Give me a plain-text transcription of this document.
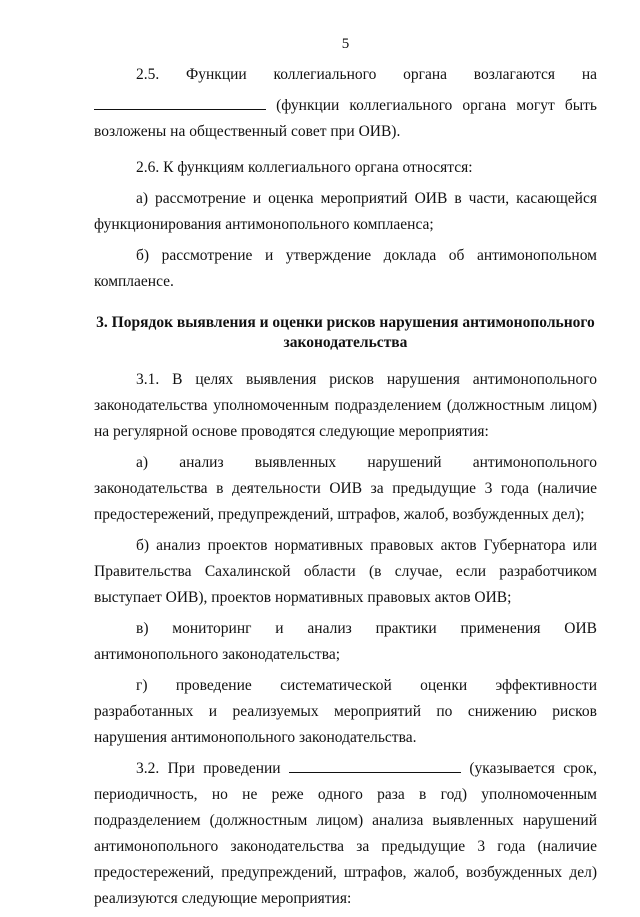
5

2.5. Функции коллегиального органа возлагаются на

(функции коллегиального органа могут быть возложены на общественный совет при ОИВ).

2.6. К функциям коллегиального органа относятся:

а) рассмотрение и оценка мероприятий ОИВ в части, касающейся функционирования антимонопольного комплаенса;

б) рассмотрение и утверждение доклада об антимонопольном комплаенсе.

3. Порядок выявления и оценки рисков нарушения антимонопольного законодательства

3.1. В целях выявления рисков нарушения антимонопольного законодательства уполномоченным подразделением (должностным лицом) на регулярной основе проводятся следующие мероприятия:

а) анализ выявленных нарушений антимонопольного законодательства в деятельности ОИВ за предыдущие 3 года (наличие предостережений, предупреждений, штрафов, жалоб, возбужденных дел);

б) анализ проектов нормативных правовых актов Губернатора или Правительства Сахалинской области (в случае, если разработчиком выступает ОИВ), проектов нормативных правовых актов ОИВ;

в) мониторинг и анализ практики применения ОИВ антимонопольного законодательства;

г) проведение систематической оценки эффективности разработанных и реализуемых мероприятий по снижению рисков нарушения антимонопольного законодательства.

3.2. При проведении	(указывается срок, периодичность, но не реже одного раза в год) уполномоченным подразделением (должностным лицом) анализа выявленных нарушений антимонопольного законодательства за предыдущие 3 года (наличие предостережений, предупреждений, штрафов, жалоб, возбужденных дел) реализуются следующие мероприятия:
